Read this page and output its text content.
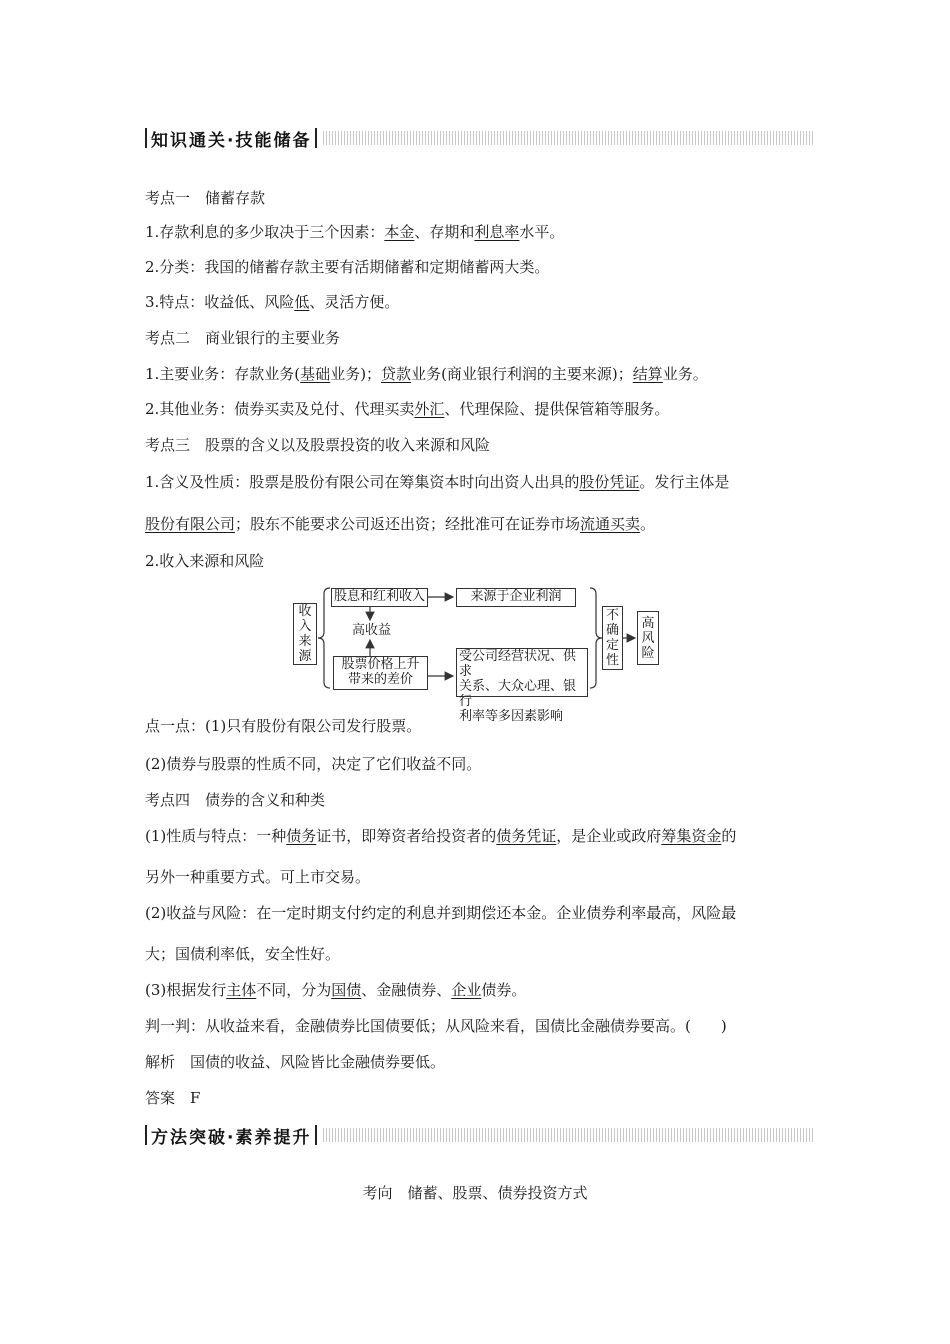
知识通关·技能储备
考点一　储蓄存款
1.存款利息的多少取决于三个因素：本金、存期和利息率水平。
2.分类：我国的储蓄存款主要有活期储蓄和定期储蓄两大类。
3.特点：收益低、风险低、灵活方便。
考点二　商业银行的主要业务
1.主要业务：存款业务(基础业务)；贷款业务(商业银行利润的主要来源)；结算业务。
2.其他业务：债券买卖及兑付、代理买卖外汇、代理保险、提供保管箱等服务。
考点三　股票的含义以及股票投资的收入来源和风险
1.含义及性质：股票是股份有限公司在筹集资本时向出资人出具的股份凭证。发行主体是
股份有限公司；股东不能要求公司返还出资；经批准可在证券市场流通买卖。
2.收入来源和风险
收
入
来
源
股息和红利收入	来源于企业利润
高收益
股票价格上升
带来的差价
受公司经营状况、供求
关系、大众心理、银行
利率等多因素影响
不
确
定
性
高
风
险
点一点：(1)只有股份有限公司发行股票。
(2)债券与股票的性质不同，决定了它们收益不同。
考点四　债券的含义和种类
(1)性质与特点：一种债务证书，即筹资者给投资者的债务凭证，是企业或政府筹集资金的
另外一种重要方式。可上市交易。
(2)收益与风险：在一定时期支付约定的利息并到期偿还本金。企业债券利率最高，风险最
大；国债利率低，安全性好。
(3)根据发行主体不同，分为国债、金融债券、企业债券。
判一判：从收益来看，金融债券比国债要低；从风险来看，国债比金融债券要高。(　　)
解析　国债的收益、风险皆比金融债券要低。
答案　F
方法突破·素养提升
考向　储蓄、股票、债券投资方式
